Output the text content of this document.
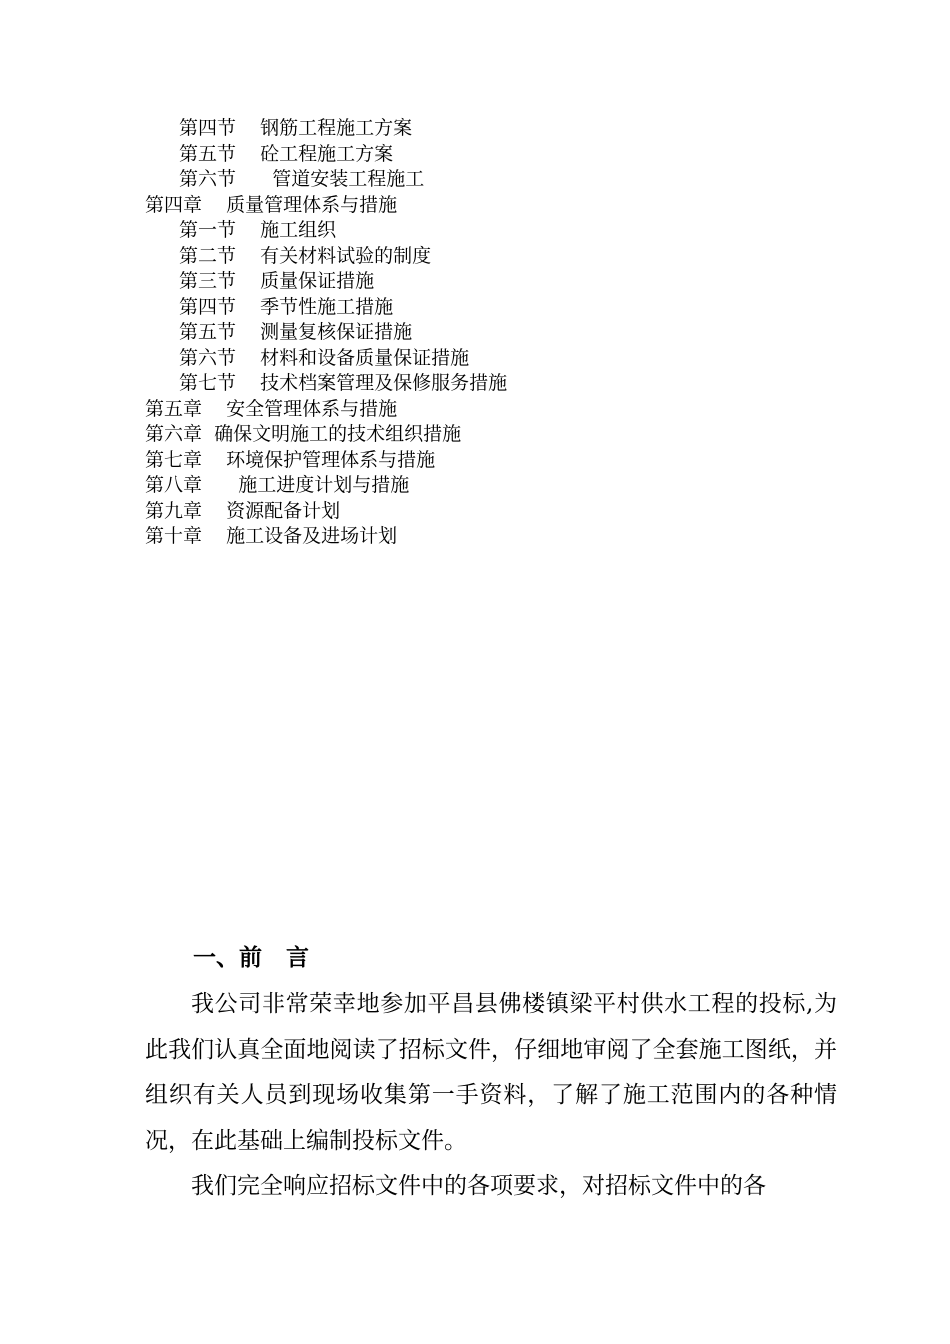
第四节    钢筋工程施工方案
第五节    砼工程施工方案
第六节      管道安装工程施工
第四章    质量管理体系与措施
第一节    施工组织
第二节    有关材料试验的制度
第三节    质量保证措施
第四节    季节性施工措施
第五节    测量复核保证措施
第六节    材料和设备质量保证措施
第七节    技术档案管理及保修服务措施
第五章    安全管理体系与措施
第六章  确保文明施工的技术组织措施
第七章    环境保护管理体系与措施
第八章      施工进度计划与措施
第九章    资源配备计划
第十章    施工设备及进场计划
一、前   言

我公司非常荣幸地参加平昌县佛楼镇梁平村供水工程的投标,为此我们认真全面地阅读了招标文件，仔细地审阅了全套施工图纸，并组织有关人员到现场收集第一手资料，了解了施工范围内的各种情况，在此基础上编制投标文件。

我们完全响应招标文件中的各项要求，对招标文件中的各
